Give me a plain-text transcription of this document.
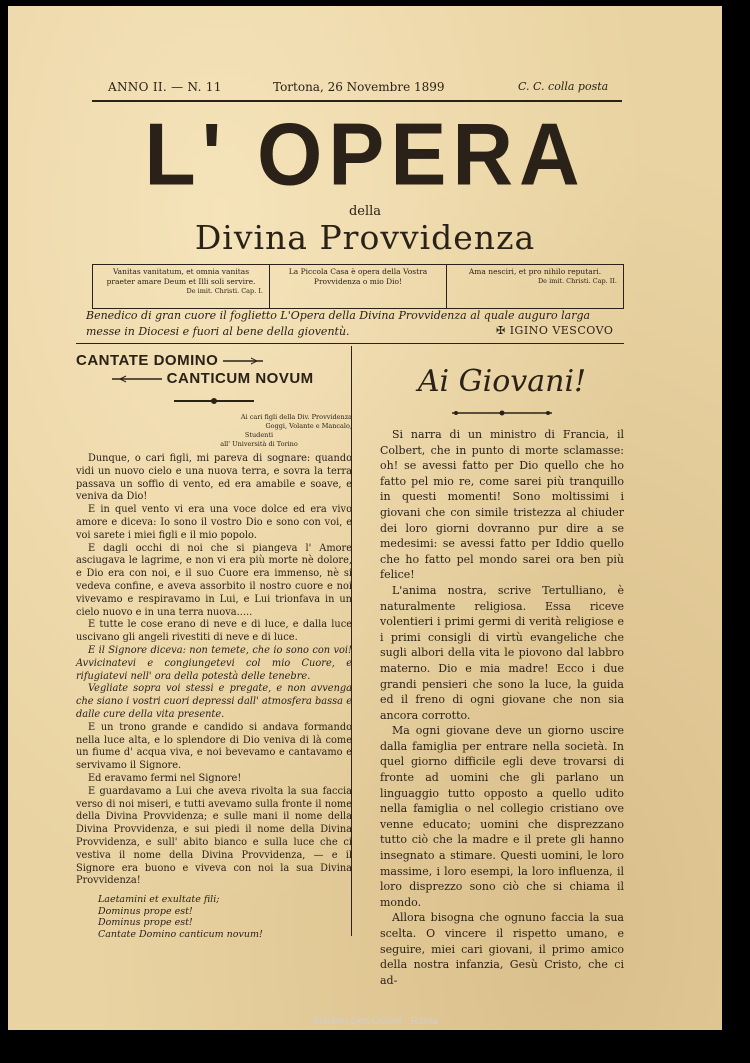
ANNO II. — N. 11	Tortona, 26 Novembre 1899	C. C. colla posta
L' OPERA
della
Divina Provvidenza
Vanitas vanitatum, et omnia vanitas praeter amare Deum et Illi soli servire.
De imit. Christi. Cap. I.
La Piccola Casa è opera della Vostra Provvidenza o mio Dio!
Ama nesciri, et pro nihilo reputari.
De imit. Christi. Cap. II.
Benedico di gran cuore il foglietto L'Opera della Divina Provvidenza al quale auguro larga messe in Diocesi e fuori al bene della gioventù.	✠ IGINO VESCOVO
CANTATE DOMINO
CANTICUM NOVUM
Ai cari figli della Div. Provvidenza
Goggi, Volante e Mancalo,
Studenti
all' Università di Torino

Dunque, o cari figli, mi pareva di sognare: quando vidi un nuovo cielo e una nuova terra, e sovra la terra passava un soffio di vento, ed era amabile e soave, e veniva da Dio!

E in quel vento vi era una voce dolce ed era vivo amore e diceva: Io sono il vostro Dio e sono con voi, e voi sarete i miei figli e il mio popolo.

E dagli occhi di noi che si piangeva l' Amore asciugava le lagrime, e non vi era più morte nè dolore, e Dio era con noi, e il suo Cuore era immenso, nè si vedeva confine, e aveva assorbito il nostro cuore e noi vivevamo e respiravamo in Lui, e Lui trionfava in un cielo nuovo e in una terra nuova.....

E tutte le cose erano di neve e di luce, e dalla luce uscivano gli angeli rivestiti di neve e di luce.

E il Signore diceva: non temete, che io sono con voi! Avvicinatevi e congiungetevi col mio Cuore, e rifugiatevi nell' ora della potestà delle tenebre.

Vegliate sopra voi stessi e pregate, e non avvenga che siano i vostri cuori depressi dall' atmosfera bassa e dalle cure della vita presente.

E un trono grande e candido si andava formando nella luce alta, e lo splendore di Dio veniva di là come un fiume d' acqua viva, e noi bevevamo e cantavamo e servivamo il Signore.

Ed eravamo fermi nel Signore!

E guardavamo a Lui che aveva rivolta la sua faccia verso di noi miseri, e tutti avevamo sulla fronte il nome della Divina Provvidenza; e sulle mani il nome della Divina Provvidenza, e sui piedi il nome della Divina Provvidenza, e sull' abito bianco e sulla luce che ci vestiva il nome della Divina Provvidenza, — e il Signore era buono e viveva con noi la sua Divina Provvidenza!

Laetamini et exultate fili;
Dominus prope est!
Dominus prope est!
Cantate Domino canticum novum!
Ai Giovani!

Si narra di un ministro di Francia, il Colbert, che in punto di morte sclamasse: oh! se avessi fatto per Dio quello che ho fatto pel mio re, come sarei più tranquillo in questi momenti! Sono moltissimi i giovani che con simile tristezza al chiuder dei loro giorni dovranno pur dire a se medesimi: se avessi fatto per Iddio quello che ho fatto pel mondo sarei ora ben più felice!

L'anima nostra, scrive Tertulliano, è naturalmente religiosa. Essa riceve volentieri i primi germi di verità religiose e i primi consigli di virtù evangeliche che sugli albori della vita le piovono dal labbro materno. Dio e mia madre! Ecco i due grandi pensieri che sono la luce, la guida ed il freno di ogni giovane che non sia ancora corrotto.

Ma ogni giovane deve un giorno uscire dalla famiglia per entrare nella società. In quel giorno difficile egli deve trovarsi di fronte ad uomini che gli parlano un linguaggio tutto opposto a quello udito nella famiglia o nel collegio cristiano ove venne educato; uomini che disprezzano tutto ciò che la madre e il prete gli hanno insegnato a stimare. Questi uomini, le loro massime, i loro esempi, la loro influenza, il loro disprezzo sono ciò che si chiama il mondo.

Allora bisogna che ognuno faccia la sua scelta. O vincere il rispetto umano, e seguire, miei cari giovani, il primo amico della nostra infanzia, Gesù Cristo, che ci ad-

Archivio Don Orione - Roma
